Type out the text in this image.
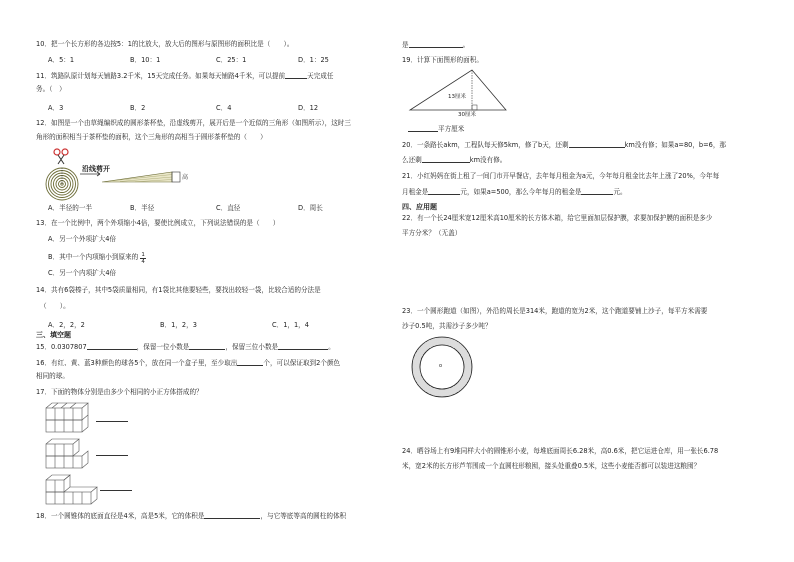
10．把一个长方形的各边按5：1的比放大，放大后的图形与原图形的面积比是（　　）。
A．5：1	B．10：1	C．25：1	D．1：25
11．筑路队原计划每天铺路3.2千米，15天完成任务。如果每天铺路4千米，可以提前	天完成任
务。（　）
A．3	B．2	C．4	D．12
12．如图是一个由草绳编织成的圆形茶杯垫，沿虚线剪开，展开后是一个近似的三角形（如图所示），这时三
角形的面积相当于茶杯垫的面积，这个三角形的高相当于圆形茶杯垫的（　　）
沿线剪开
高
A．半径的一半	B．半径	C．直径	D．周长
13．在一个比例中，两个外项缩小4倍，要使比例成立，下列说法错误的是（　　）
A．另一个外项扩大4倍
B．其中一个内项缩小到原来的 $\frac{1}{4}$
C．另一个内项扩大4倍
14．共有6袋榛子，其中5袋质量相同，有1袋比其他要轻些，要找出较轻一袋，比较合适的分法是
（　　）。
A．2，2，2	B．1，2，3	C．1，1，4
三、填空题
15．0.0307807	，保留一位小数是	，保留三位小数是	。
16．有红、黄、蓝3种颜色的球各5个，放在同一个盒子里，至少取出	个，可以保证取到2个颜色
相同的球。
17．下面的物体分别是由多少个相同的小正方体搭成的？
18．一个圆锥体的底面直径是4米，高是5米，它的体积是	，与它等底等高的圆柱的体积
是	。
19．计算下面图形的面积。
13厘米
30厘米
平方厘米
20．一条路长akm，工程队每天修5km，修了b天，还剩	km没有修；如果a=80，b=6，那
么还剩	km没有修。
21．小红妈妈在街上租了一间门市开早餐店，去年每月租金为a元，今年每月租金比去年上涨了20%，今年每
月租金是	元，如果a=500，那么今年每月的租金是	元。
四、应用题
22．有一个长24厘米宽12厘米高10厘米的长方体木箱，给它里面加层保护膜，求要加保护膜的面积是多少
平方分米？（无盖）
23．一个圆形跑道（如图），外沿的周长是314米，跑道的宽为2米，这个跑道要铺上沙子，每平方米需要
沙子0.5吨，共需沙子多少吨？
ο
24．晒谷场上有9堆同样大小的圆锥形小麦，每堆底面周长6.28米，高0.6米，把它运进仓库，用一张长6.78
米，宽2米的长方形芦苇围成一个直圆柱形粮囤，接头处重叠0.5米，这些小麦能否都可以装进这粮囤？
